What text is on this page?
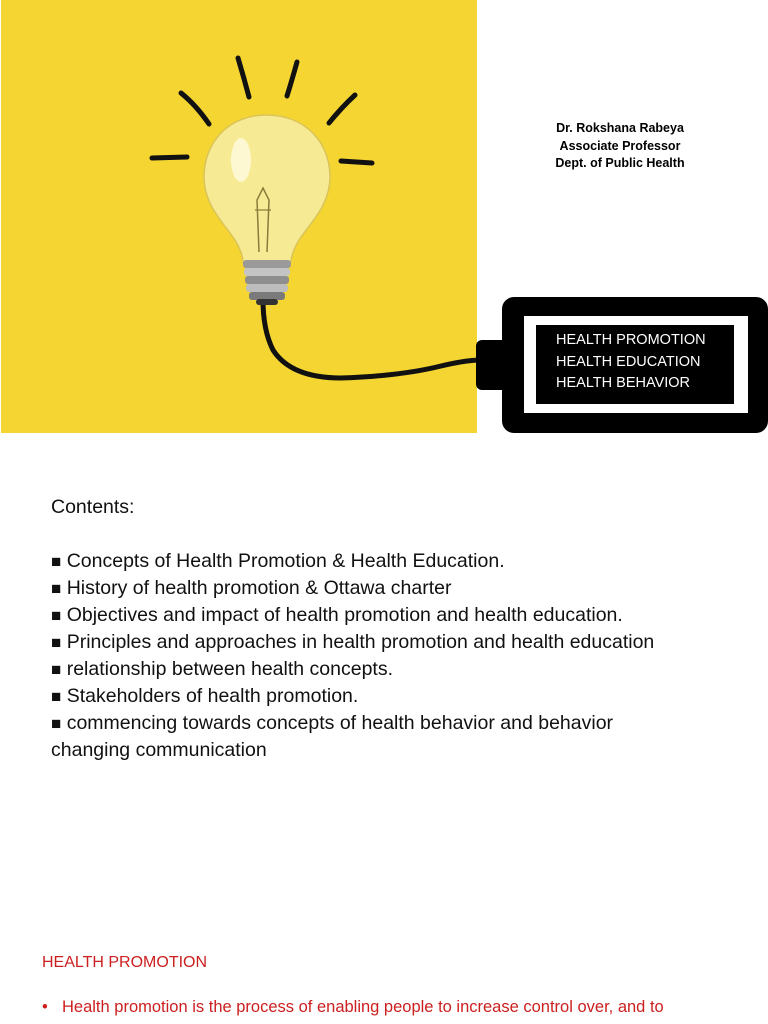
Dr. Rokshana Rabeya
Associate Professor
Dept. of Public Health
HEALTH PROMOTION
HEALTH EDUCATION
HEALTH BEHAVIOR
Contents:
■ Concepts of Health Promotion & Health Education.
■ History of health promotion & Ottawa charter
■ Objectives and impact of health promotion and health education.
■ Principles and approaches in health promotion and health education
■ relationship between health concepts.
■ Stakeholders of health promotion.
■ commencing towards concepts of health behavior and behavior changing communication
HEALTH PROMOTION
• Health promotion is the process of enabling people to increase control over, and to
